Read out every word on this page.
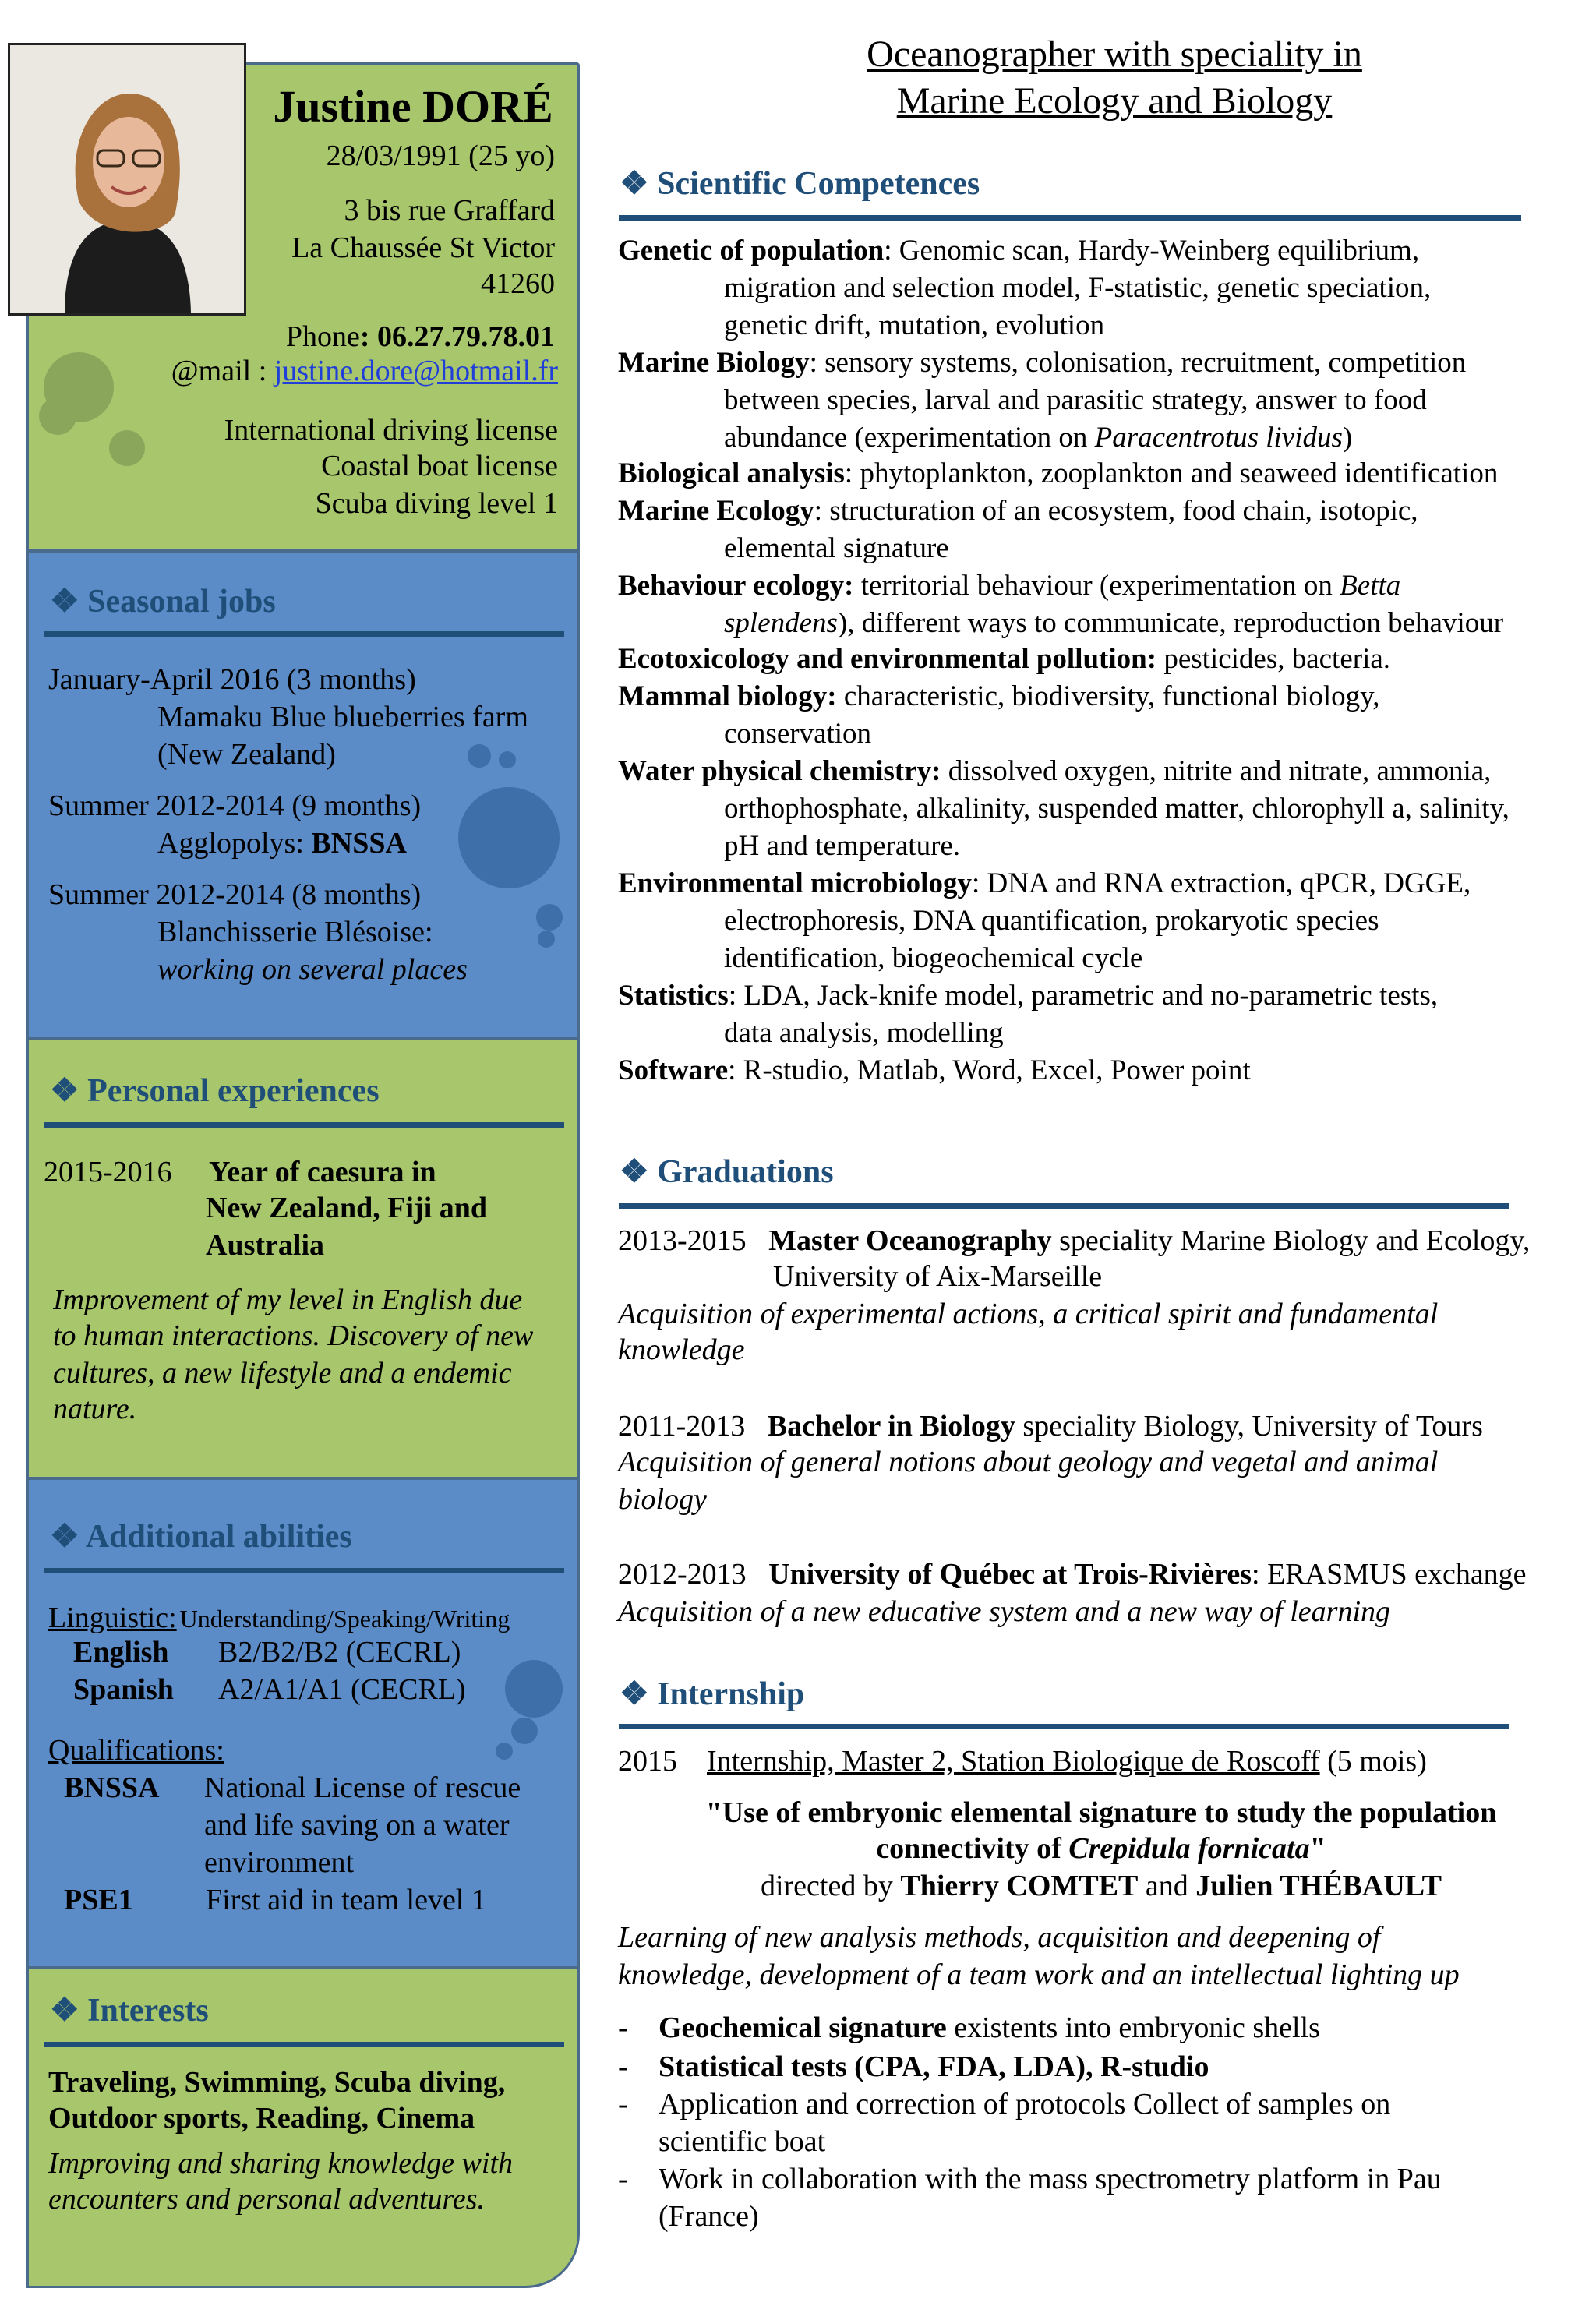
Justine DORÉ
28/03/1991 (25 yo)
3 bis rue Graffard
La Chaussée St Victor
41260
Phone: 06.27.79.78.01
@mail : justine.dore@hotmail.fr
International driving license
Coastal boat license
Scuba diving level 1
❖ Seasonal jobs
January-April 2016 (3 months)
Mamaku Blue blueberries farm
(New Zealand)
Summer 2012-2014 (9 months)
Agglopolys: BNSSA
Summer 2012-2014 (8 months)
Blanchisserie Blésoise:
working on several places
❖ Personal experiences
2015-2016 Year of caesura in
New Zealand, Fiji and
Australia
Improvement of my level in English due
to human interactions. Discovery of new
cultures, a new lifestyle and a endemic
nature.
❖ Additional abilities
Linguistic: Understanding/Speaking/Writing
English B2/B2/B2 (CECRL)
Spanish A2/A1/A1 (CECRL)
Qualifications:
BNSSA National License of rescue
and life saving on a water
environment
PSE1 First aid in team level 1
❖ Interests
Traveling, Swimming, Scuba diving,
Outdoor sports, Reading, Cinema
Improving and sharing knowledge with
encounters and personal adventures.
Oceanographer with speciality in
Marine Ecology and Biology
❖ Scientific Competences
Genetic of population: Genomic scan, Hardy-Weinberg equilibrium,
migration and selection model, F-statistic, genetic speciation,
genetic drift, mutation, evolution
Marine Biology: sensory systems, colonisation, recruitment, competition
between species, larval and parasitic strategy, answer to food
abundance (experimentation on Paracentrotus lividus)
Biological analysis: phytoplankton, zooplankton and seaweed identification
Marine Ecology: structuration of an ecosystem, food chain, isotopic,
elemental signature
Behaviour ecology: territorial behaviour (experimentation on Betta
splendens), different ways to communicate, reproduction behaviour
Ecotoxicology and environmental pollution: pesticides, bacteria.
Mammal biology: characteristic, biodiversity, functional biology,
conservation
Water physical chemistry: dissolved oxygen, nitrite and nitrate, ammonia,
orthophosphate, alkalinity, suspended matter, chlorophyll a, salinity,
pH and temperature.
Environmental microbiology: DNA and RNA extraction, qPCR, DGGE,
electrophoresis, DNA quantification, prokaryotic species
identification, biogeochemical cycle
Statistics: LDA, Jack-knife model, parametric and no-parametric tests,
data analysis, modelling
Software: R-studio, Matlab, Word, Excel, Power point
❖ Graduations
2013-2015 Master Oceanography speciality Marine Biology and Ecology,
University of Aix-Marseille
Acquisition of experimental actions, a critical spirit and fundamental
knowledge
2011-2013 Bachelor in Biology speciality Biology, University of Tours
Acquisition of general notions about geology and vegetal and animal
biology
2012-2013 University of Québec at Trois-Rivières: ERASMUS exchange
Acquisition of a new educative system and a new way of learning
❖ Internship
2015 Internship, Master 2, Station Biologique de Roscoff (5 mois)
"Use of embryonic elemental signature to study the population
connectivity of Crepidula fornicata"
directed by Thierry COMTET and Julien THÉBAULT
Learning of new analysis methods, acquisition and deepening of
knowledge, development of a team work and an intellectual lighting up
- Geochemical signature existents into embryonic shells
- Statistical tests (CPA, FDA, LDA), R-studio
- Application and correction of protocols Collect of samples on
scientific boat
- Work in collaboration with the mass spectrometry platform in Pau
(France)
